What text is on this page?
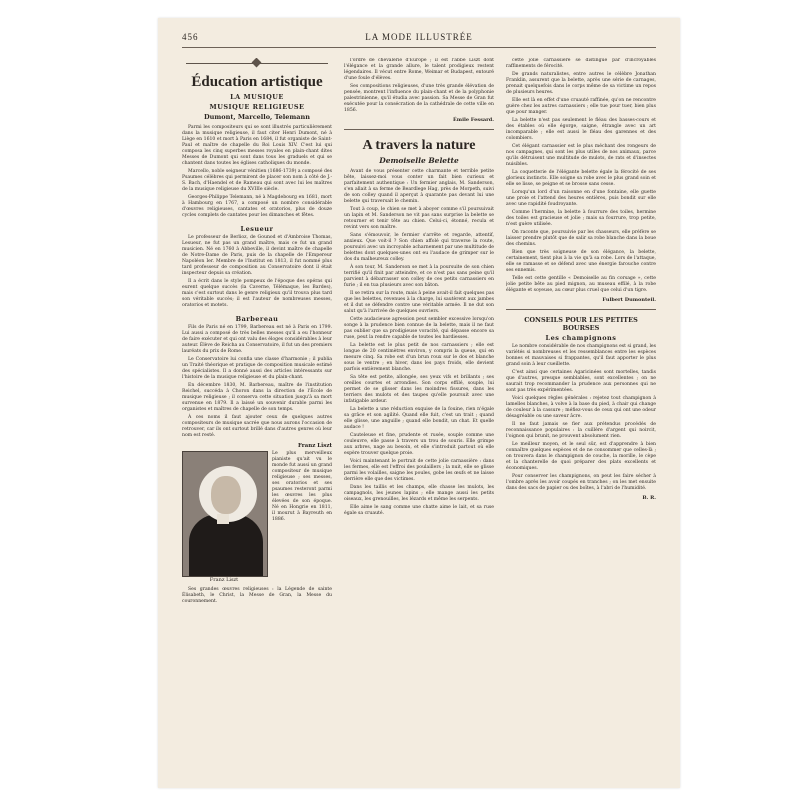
456	LA MODE ILLUSTRÉE
Éducation artistique
LA MUSIQUE
MUSIQUE RELIGIEUSE
Dumont, Marcello, Telemann

Parmi les compositeurs qui se sont illustrés particulièrement dans la musique religieuse, il faut citer Henri Dumont, né à Liège en 1610 et mort à Paris en 1684, il fut organiste de Saint-Paul et maître de chapelle du Roi Louis XIV. C'est lui qui composa les cinq superbes messes royales en plain-chant dites Messes de Dumont qui sont dans tous les graduels et qui se chantent dans toutes les églises catholiques du monde.

Marcello, noble seigneur vénitien (1686-1739) a composé des Psaumes célèbres qui permirent de placer son nom à côté de J.-S. Bach, d'Haendel et de Rameau qui sont avec lui les maîtres de la musique religieuse du XVIIIe siècle.

Georges-Philippe Telemann, né à Magdebourg en 1681, mort à Hambourg en 1767, a composé un nombre considérable d'œuvres religieuses, cantates et oratorios, plus de douze cycles complets de cantates pour les dimanches et fêtes.

Lesueur

Le professeur de Berlioz, de Gounod et d'Ambroise Thomas, Lesueur, ne fut pas un grand maître, mais ce fut un grand musicien. Né en 1760 à Abbeville, il devint maître de chapelle de Notre-Dame de Paris, puis de la chapelle de l'Empereur Napoléon Ier. Membre de l'Institut en 1813, il fut nommé plus tard professeur de composition au Conservatoire dont il était inspecteur depuis sa création.

Il a écrit dans le style pompeux de l'époque des opéras qui eurent quelque succès (la Caverne, Télémaque, les Bardes), mais c'est surtout dans le genre religieux qu'il trouva plus tard son véritable succès; il est l'auteur de nombreuses messes, oratorios et motets.

Barbereau

Fils de Paris né en 1799, Barbereau est né à Paris en 1799. Lui aussi a composé de très belles messes qu'il a eu l'honneur de faire exécuter et qui ont valu des éloges considérables à leur auteur. Élève de Reicha au Conservatoire, il fut un des premiers lauréats du prix de Rome.

Le Conservatoire lui confia une classe d'harmonie ; il publia un Traité théorique et pratique de composition musicale estimé des spécialistes. Il a donné aussi des articles intéressants sur l'histoire de la musique religieuse et du plain-chant.

En décembre 1830, M. Barbereau, maître de l'institution Reichel, succéda à Choron dans la direction de l'École de musique religieuse ; il conserva cette situation jusqu'à sa mort survenue en 1879. Il a laissé un souvenir durable parmi les organistes et maîtres de chapelle de son temps.

À ces noms il faut ajouter ceux de quelques autres compositeurs de musique sacrée que nous aurons l'occasion de retrouver, car ils ont surtout brillé dans d'autres genres où leur nom est resté.

Franz Liszt
Franz Liszt

Le plus merveilleux pianiste qu'ait vu le monde fut aussi un grand compositeur de musique religieuse ; ses messes, ses oratorios et ses psaumes resteront parmi les œuvres les plus élevées de son époque. Né en Hongrie en 1811, il mourut à Bayreuth en 1886.

Ses grandes œuvres religieuses : la Légende de sainte Élisabeth, le Christ, la Messe de Gran, la Messe du couronnement.

l'ordre de chevalerie d'Europe ; il est l'abbé Liszt dont l'élégance et la grande allure, le talent prodigieux restent légendaires. Il vécut entre Rome, Weimar et Budapest, entouré d'une foule d'élèves.

Ses compositions religieuses, d'une très grande élévation de pensée, montrent l'influence du plain-chant et de la polyphonie palestrinienne, qu'il étudia avec passion. Sa Messe de Gran fut exécutée pour la consécration de la cathédrale de cette ville en 1856.

Émile Fessard.
A travers la nature
Demoiselle Belette

Avant de vous présenter cette charmante et terrible petite bête, laissez-moi vous conter un fait bien curieux et parfaitement authentique : Un fermier anglais, M. Sanderson, s'en allait à sa ferme de Beardlege Hag, près de Morpeth, suivi de son colley quand il aperçut à quarante pas devant lui une belette qui traversait le chemin.

Tout à coup, le chien se met à aboyer comme s'il poursuivait un lapin et M. Sanderson ne vit pas sans surprise la belette se retourner et tenir tête au chien. Celui-ci, étonné, recula et revint vers son maître.

Sans s'émouvoir, le fermier s'arrête et regarde, attentif, anxieux. Que voit-il ? Son chien affolé qui traverse la route, poursuivi avec un incroyable acharnement par une multitude de belettes dont quelques-unes ont eu l'audace de grimper sur le dos du malheureux colley.

À son tour, M. Sanderson se met à la poursuite de son chien terrifié qu'il finit par atteindre, et ce n'est pas sans peine qu'il parvient à débarrasser son colley de ces petits carnassiers en furie ; il en tua plusieurs avec son bâton.

Il se retira sur la route, mais à peine avait-il fait quelques pas que les belettes, revenues à la charge, lui sautèrent aux jambes et il dut se défendre contre une véritable armée. Il ne dut son salut qu'à l'arrivée de quelques ouvriers.

Cette audacieuse agression peut sembler excessive lorsqu'on songe à la prudence bien connue de la belette, mais il ne faut pas oublier que sa prodigieuse voracité, qui dépasse encore sa ruse, peut la rendre capable de toutes les hardiesses.

La belette est le plus petit de nos carnassiers ; elle est longue de 20 centimètres environ, y compris la queue, qui en mesure cinq. Sa robe est d'un brun roux sur le dos et blanche sous le ventre ; en hiver, dans les pays froids, elle devient parfois entièrement blanche.

Sa tête est petite, allongée, ses yeux vifs et brillants ; ses oreilles courtes et arrondies. Son corps effilé, souple, lui permet de se glisser dans les moindres fissures, dans les terriers des mulots et des taupes qu'elle poursuit avec une infatigable ardeur.

La belette a une réduction exquise de la fouine, rien n'égale sa grâce et son agilité. Quand elle fuit, c'est un trait ; quand elle glisse, une anguille ; quand elle bondit, un chat. Et quelle audace !

Cauteleuse et fine, prudente et rusée, souple comme une couleuvre, elle passe à travers un trou de souris. Elle grimpe aux arbres, nage au besoin, et elle s'introduit partout où elle espère trouver quelque proie.

Voici maintenant le portrait de cette jolie carnassière : dans les fermes, elle est l'effroi des poulaillers ; la nuit, elle se glisse parmi les volailles, saigne les poules, gobe les œufs et ne laisse derrière elle que des victimes.

Dans les taillis et les champs, elle chasse les mulots, les campagnols, les jeunes lapins ; elle mange aussi les petits oiseaux, les grenouilles, les lézards et même les serpents.

Elle aime le sang comme une chatte aime le lait, et sa ruse égale sa cruauté.

cette jolie carnassière se distingue par d'incroyables raffinements de férocité.

De grands naturalistes, entre autres le célèbre Jonathan Franklin, assurent que la belette, après une série de carnages, prenait quelquefois dans le corps même de sa victime un repos de plusieurs heures.

Elle est là en effet d'une cruauté raffinée, qu'on ne rencontre guère chez les autres carnassiers ; elle tue pour tuer, bien plus que pour manger.

La belette n'est pas seulement le fléau des basses-cours et des étables où elle égorge, saigne, étrangle avec un art incomparable ; elle est aussi le fléau des garennes et des colombiers.

Cet élégant carnassier est le plus méchant des rongeurs de nos campagnes, qui sont les plus utiles de nos animaux, parce qu'ils détruisent une multitude de mulots, de rats et d'insectes nuisibles.

La coquetterie de l'élégante belette égale la férocité de ses glorieux instincts. Elle soigne sa robe avec le plus grand soin et elle se lisse, se peigne et se brosse sans cesse.

Lorsqu'un lord d'un raisonne en d'une fontaine, elle guette une proie et l'attend des heures entières, puis bondit sur elle avec une rapidité foudroyante.

Comme l'hermine, la belette à fourrure des toiles, hermine des toiles est gracieuse et jolie ; mais sa fourrure, trop petite, n'est guère utilisée.

On raconte que, poursuivie par les chasseurs, elle préfère se laisser prendre plutôt que de salir sa robe blanche dans la boue des chemins.

Bien que très soigneuse de son élégance, la belette, certainement, tient plus à la vie qu'à sa robe. Lors de l'attaque, elle se ramasse et se défend avec une énergie farouche contre ses ennemis.

Telle est cette gentille « Demoiselle au fin corsage », cette jolie petite bête au pied mignon, au museau effilé, à la robe élégante et soyeuse, au cœur plus cruel que celui d'un tigre.

Fulbert Dumonteil.
CONSEILS POUR LES PETITES BOURSES
Les champignons

Le nombre considérable de nos champignons est si grand, les variétés si nombreuses et les ressemblances entre les espèces bonnes et mauvaises si frappantes, qu'il faut apporter le plus grand soin à leur cueillette.

C'est ainsi que certaines Agaricinées sont mortelles, tandis que d'autres, presque semblables, sont excellentes ; on ne saurait trop recommander la prudence aux personnes qui ne sont pas très expérimentées.

Voici quelques règles générales : rejetez tout champignon à lamelles blanches, à volve à la base du pied, à chair qui change de couleur à la cassure ; méfiez-vous de ceux qui ont une odeur désagréable ou une saveur âcre.

Il ne faut jamais se fier aux prétendus procédés de reconnaissance populaires : la cuillère d'argent qui noircit, l'oignon qui brunit, ne prouvent absolument rien.

Le meilleur moyen, et le seul sûr, est d'apprendre à bien connaître quelques espèces et de ne consommer que celles-là ; on trouvera dans le champignon de couche, la morille, le cèpe et la chanterelle de quoi préparer des plats excellents et économiques.

Pour conserver les champignons, on peut les faire sécher à l'ombre après les avoir coupés en tranches ; on les met ensuite dans des sacs de papier ou des boîtes, à l'abri de l'humidité.

B. R.
